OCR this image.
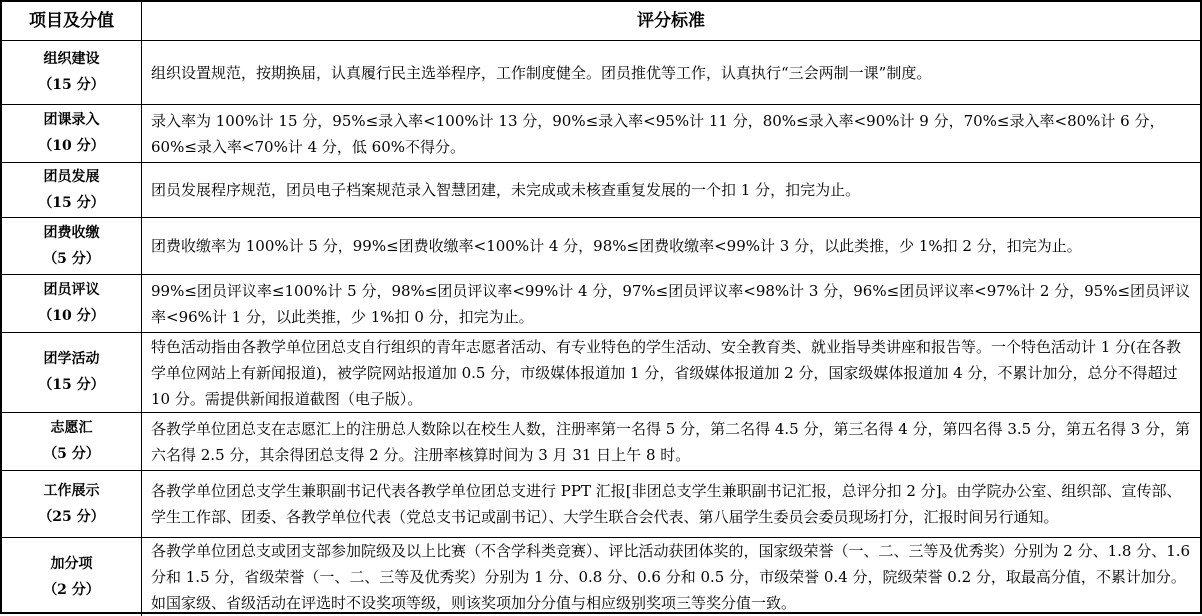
项目及分值	评分标准
组织建设
（15 分）
组织设置规范，按期换届，认真履行民主选举程序，工作制度健全。团员推优等工作，认真执行“三会两制一课”制度。
团课录入
（10 分）
录入率为 100%计 15 分，95%≤录入率<100%计 13 分，90%≤录入率<95%计 11 分，80%≤录入率<90%计 9 分，70%≤录入率<80%计 6 分，60%≤录入率<70%计 4 分，低 60%不得分。
团员发展
（15 分）
团员发展程序规范，团员电子档案规范录入智慧团建，未完成或未核查重复发展的一个扣 1 分，扣完为止。
团费收缴
（5 分）
团费收缴率为 100%计 5 分，99%≤团费收缴率<100%计 4 分，98%≤团费收缴率<99%计 3 分，以此类推，少 1%扣 2 分，扣完为止。
团员评议
（10 分）
99%≤团员评议率≤100%计 5 分，98%≤团员评议率<99%计 4 分，97%≤团员评议率<98%计 3 分，96%≤团员评议率<97%计 2 分，95%≤团员评议率<96%计 1 分，以此类推，少 1%扣 0 分，扣完为止。
团学活动
（15 分）
特色活动指由各教学单位团总支自行组织的青年志愿者活动、有专业特色的学生活动、安全教育类、就业指导类讲座和报告等。一个特色活动计 1 分(在各教学单位网站上有新闻报道)，被学院网站报道加 0.5 分，市级媒体报道加 1 分，省级媒体报道加 2 分，国家级媒体报道加 4 分，不累计加分，总分不得超过 10 分。需提供新闻报道截图（电子版）。
志愿汇
（5 分）
各教学单位团总支在志愿汇上的注册总人数除以在校生人数，注册率第一名得 5 分，第二名得 4.5 分，第三名得 4 分，第四名得 3.5 分，第五名得 3 分，第六名得 2.5 分，其余得团总支得 2 分。注册率核算时间为 3 月 31 日上午 8 时。
工作展示
（25 分）
各教学单位团总支学生兼职副书记代表各教学单位团总支进行 PPT 汇报[非团总支学生兼职副书记汇报，总评分扣 2 分]。由学院办公室、组织部、宣传部、学生工作部、团委、各教学单位代表（党总支书记或副书记）、大学生联合会代表、第八届学生委员会委员现场打分，汇报时间另行通知。
加分项
（2 分）
各教学单位团总支或团支部参加院级及以上比赛（不含学科类竞赛）、评比活动获团体奖的，国家级荣誉（一、二、三等及优秀奖）分别为 2 分、1.8 分、1.6 分和 1.5 分，省级荣誉（一、二、三等及优秀奖）分别为 1 分、0.8 分、0.6 分和 0.5 分，市级荣誉 0.4 分，院级荣誉 0.2 分，取最高分值，不累计加分。如国家级、省级活动在评选时不设奖项等级，则该奖项加分分值与相应级别奖项三等奖分值一致。
